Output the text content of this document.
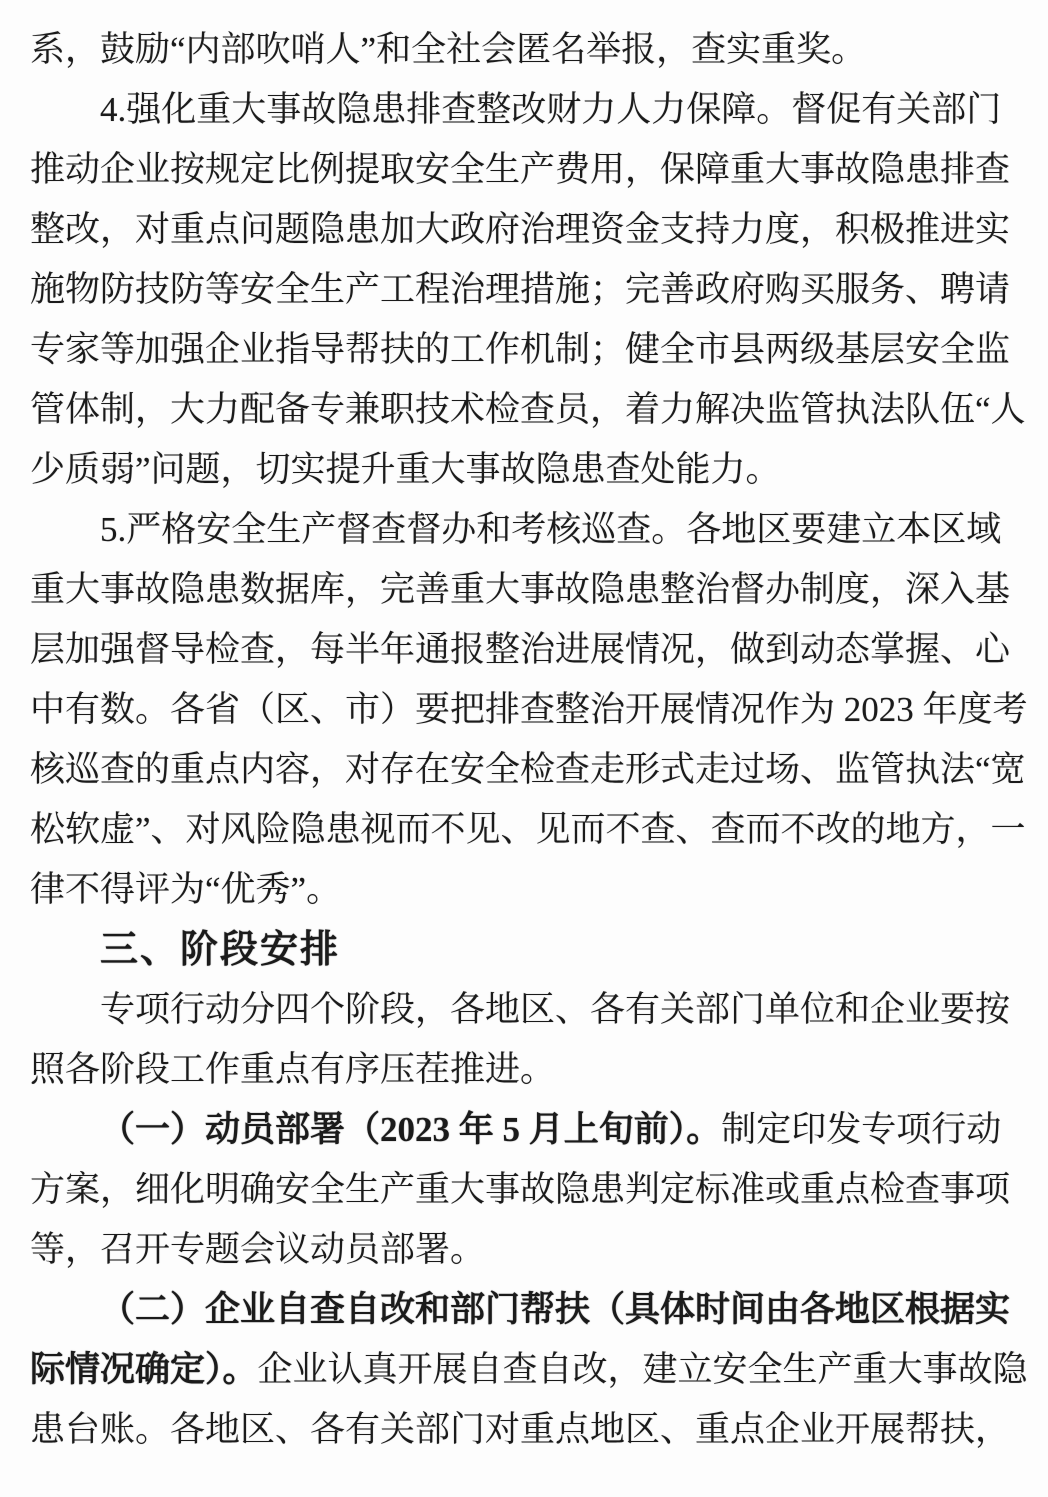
系，鼓励“内部吹哨人”和全社会匿名举报，查实重奖。
4.强化重大事故隐患排查整改财力人力保障。督促有关部门
推动企业按规定比例提取安全生产费用，保障重大事故隐患排查
整改，对重点问题隐患加大政府治理资金支持力度，积极推进实
施物防技防等安全生产工程治理措施；完善政府购买服务、聘请
专家等加强企业指导帮扶的工作机制；健全市县两级基层安全监
管体制，大力配备专兼职技术检查员，着力解决监管执法队伍“人
少质弱”问题，切实提升重大事故隐患查处能力。
5.严格安全生产督查督办和考核巡查。各地区要建立本区域
重大事故隐患数据库，完善重大事故隐患整治督办制度，深入基
层加强督导检查，每半年通报整治进展情况，做到动态掌握、心
中有数。各省（区、市）要把排查整治开展情况作为 2023 年度考
核巡查的重点内容，对存在安全检查走形式走过场、监管执法“宽
松软虚”、对风险隐患视而不见、见而不查、查而不改的地方，一
律不得评为“优秀”。
三、阶段安排
专项行动分四个阶段，各地区、各有关部门单位和企业要按
照各阶段工作重点有序压茬推进。
（一）动员部署（2023 年 5 月上旬前）。制定印发专项行动
方案，细化明确安全生产重大事故隐患判定标准或重点检查事项
等，召开专题会议动员部署。
（二）企业自查自改和部门帮扶（具体时间由各地区根据实
际情况确定）。企业认真开展自查自改，建立安全生产重大事故隐
患台账。各地区、各有关部门对重点地区、重点企业开展帮扶，
